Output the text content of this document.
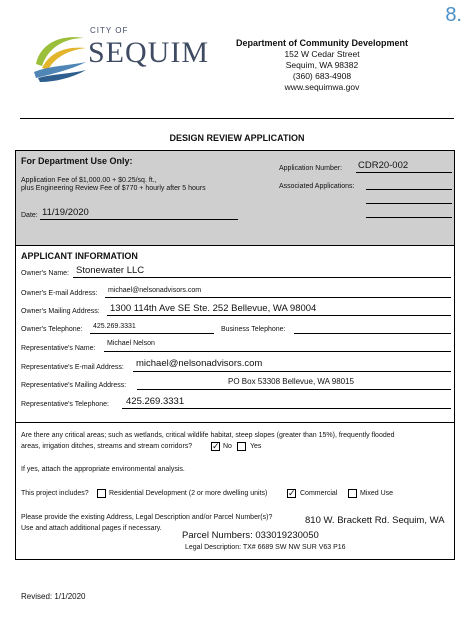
8.
CITY OF
SEQUIM	Department of Community Development
152 W Cedar Street
Sequim, WA 98382
(360) 683-4908
www.sequimwa.gov
DESIGN REVIEW APPLICATION
For Department Use Only:
Application Fee of $1,000.00 + $0.25/sq. ft.,
plus Engineering Review Fee of $770 + hourly after 5 hours
Date: 11/19/2020
Application Number: CDR20-002
Associated Applications:
APPLICANT INFORMATION
Owner's Name: Stonewater LLC
Owner's E-mail Address: michael@nelsonadvisors.com
Owner's Mailing Address: 1300 114th Ave SE Ste. 252 Bellevue, WA 98004
Owner's Telephone: 425.269.3331	Business Telephone:
Representative's Name:
Michael Nelson
Representative's E-mail Address: michael@nelsonadvisors.com
Representative's Mailing Address:	PO Box 53308 Bellevue, WA 98015
Representative's Telephone: 425.269.3331
Are there any critical areas; such as wetlands, critical wildlife habitat, steep slopes (greater than 15%), frequently flooded
areas, irrigation ditches, streams and stream corridors? ✓ No	Yes
If yes, attach the appropriate environmental analysis.
This project includes?	Residential Development (2 or more dwelling units) ✓ Commercial	Mixed Use
Please provide the existing Address, Legal Description and/or Parcel Number(s)?
Use and attach additional pages if necessary.
810 W. Brackett Rd. Sequim, WA
Parcel Numbers: 033019230050
Legal Description: TX# 6689 SW NW SUR V63 P16
Revised: 1/1/2020
